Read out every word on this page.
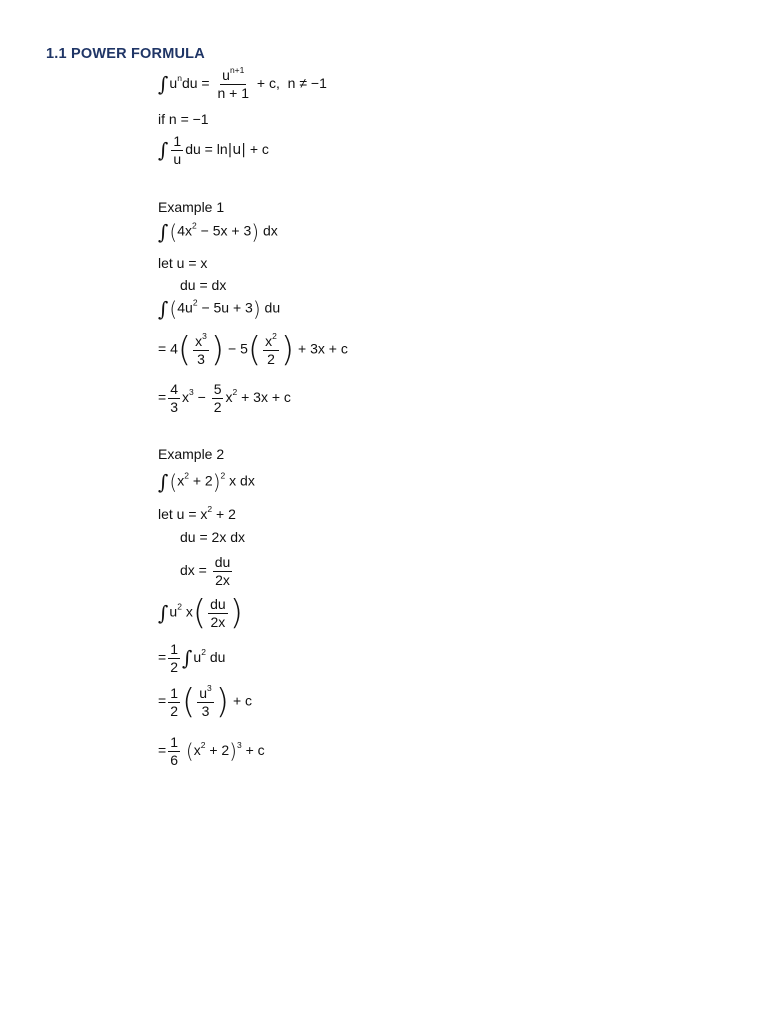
1.1 POWER FORMULA
$\int u^ndu = \frac{u^{n+1}}{n + 1} + c$, n ≠ −1
if n = −1
∫ $\frac{1}{u}$ du = ln|u| + c
Example 1
$\int(4x^2 - 5x + 3)$ dx
let u = x
du = dx
$\int(4u^2 - 5u + 3)$ du
= $4( \frac{x^3}{3}$ ) − $5( \frac{x^2}{2}$ ) + 3x + c
= $\frac{4}{3} x^3 - \frac{5}{2} x^2 + 3x + c$
Example 2
$\int(x^2 + 2)^2$ x dx
let $u = x^2 + 2$
du = 2x dx
dx = $\frac{du}{2x}$
$\int u^2$ $x( \frac{du}{2x}$ )
= $\frac{1}{2} \int u^2$ du
= $\frac{1}{2}$ ( $\frac{u^3}{3}$ ) + c
= $\frac{1}{6} (x^2 + 2)^3 + c$
